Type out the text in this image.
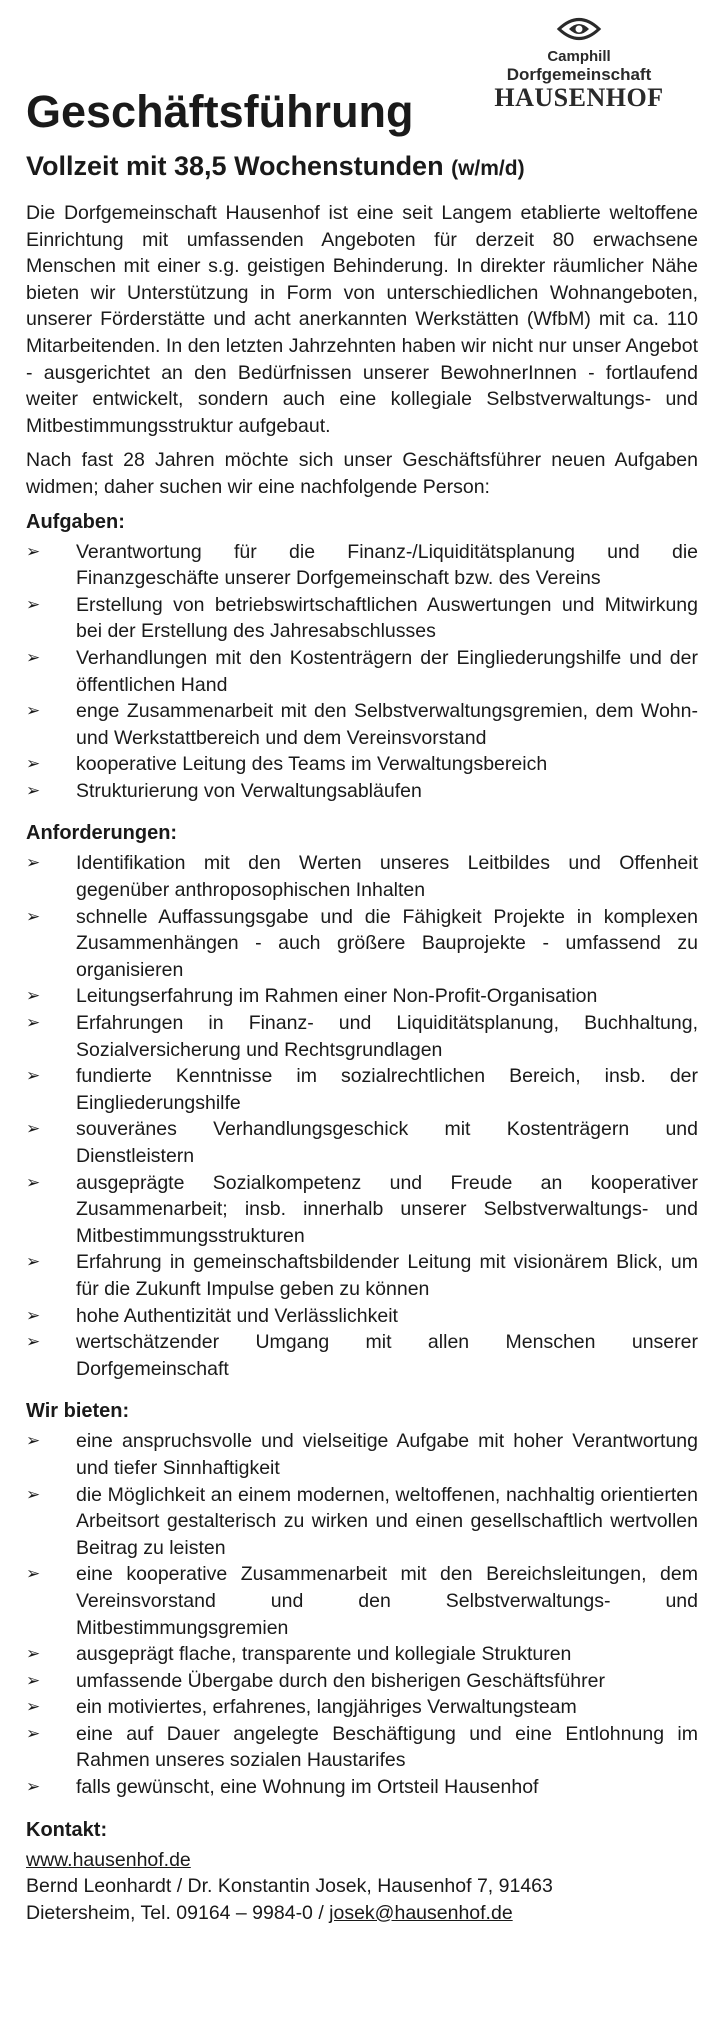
Camphill
Dorfgemeinschaft
HAUSENHOF
Geschäftsführung
Vollzeit mit 38,5 Wochenstunden (w/m/d)

Die Dorfgemeinschaft Hausenhof ist eine seit Langem etablierte weltoffene Einrichtung mit umfassenden Angeboten für derzeit 80 erwachsene Menschen mit einer s.g. geistigen Behinderung. In direkter räumlicher Nähe bieten wir Unterstützung in Form von unterschiedlichen Wohnangeboten, unserer Förderstätte und acht anerkannten Werkstätten (WfbM) mit ca. 110 Mitarbeitenden. In den letzten Jahrzehnten haben wir nicht nur unser Angebot - ausgerichtet an den Bedürfnissen unserer BewohnerInnen - fortlaufend weiter entwickelt, sondern auch eine kollegiale Selbstverwaltungs- und Mitbestimmungsstruktur aufgebaut.

Nach fast 28 Jahren möchte sich unser Geschäftsführer neuen Aufgaben widmen; daher suchen wir eine nachfolgende Person:

Aufgaben:
➢ Verantwortung für die Finanz-/Liquiditätsplanung und die Finanzgeschäfte unserer Dorfgemeinschaft bzw. des Vereins
➢ Erstellung von betriebswirtschaftlichen Auswertungen und Mitwirkung bei der Erstellung des Jahresabschlusses
➢ Verhandlungen mit den Kostenträgern der Eingliederungshilfe und der öffentlichen Hand
➢ enge Zusammenarbeit mit den Selbstverwaltungsgremien, dem Wohn- und Werkstattbereich und dem Vereinsvorstand
➢ kooperative Leitung des Teams im Verwaltungsbereich
➢ Strukturierung von Verwaltungsabläufen
Anforderungen:
➢ Identifikation mit den Werten unseres Leitbildes und Offenheit gegenüber anthroposophischen Inhalten
➢ schnelle Auffassungsgabe und die Fähigkeit Projekte in komplexen Zusammenhängen - auch größere Bauprojekte - umfassend zu organisieren
➢ Leitungserfahrung im Rahmen einer Non-Profit-Organisation
➢ Erfahrungen in Finanz- und Liquiditätsplanung, Buchhaltung, Sozialversicherung und Rechtsgrundlagen
➢ fundierte Kenntnisse im sozialrechtlichen Bereich, insb. der Eingliederungshilfe
➢ souveränes Verhandlungsgeschick mit Kostenträgern und Dienstleistern
➢ ausgeprägte Sozialkompetenz und Freude an kooperativer Zusammenarbeit; insb. innerhalb unserer Selbstverwaltungs- und Mitbestimmungsstrukturen
➢ Erfahrung in gemeinschaftsbildender Leitung mit visionärem Blick, um für die Zukunft Impulse geben zu können
➢ hohe Authentizität und Verlässlichkeit
➢ wertschätzender Umgang mit allen Menschen unserer Dorfgemeinschaft
Wir bieten:
➢ eine anspruchsvolle und vielseitige Aufgabe mit hoher Verantwortung und tiefer Sinnhaftigkeit
➢ die Möglichkeit an einem modernen, weltoffenen, nachhaltig orientierten Arbeitsort gestalterisch zu wirken und einen gesellschaftlich wertvollen Beitrag zu leisten
➢ eine kooperative Zusammenarbeit mit den Bereichsleitungen, dem Vereinsvorstand und den Selbstverwaltungs- und Mitbestimmungsgremien
➢ ausgeprägt flache, transparente und kollegiale Strukturen
➢ umfassende Übergabe durch den bisherigen Geschäftsführer
➢ ein motiviertes, erfahrenes, langjähriges Verwaltungsteam
➢ eine auf Dauer angelegte Beschäftigung und eine Entlohnung im Rahmen unseres sozialen Haustarifes
➢ falls gewünscht, eine Wohnung im Ortsteil Hausenhof
Kontakt:
www.hausenhof.de
Bernd Leonhardt / Dr. Konstantin Josek, Hausenhof 7, 91463
Dietersheim, Tel. 09164 – 9984-0 / josek@hausenhof.de
